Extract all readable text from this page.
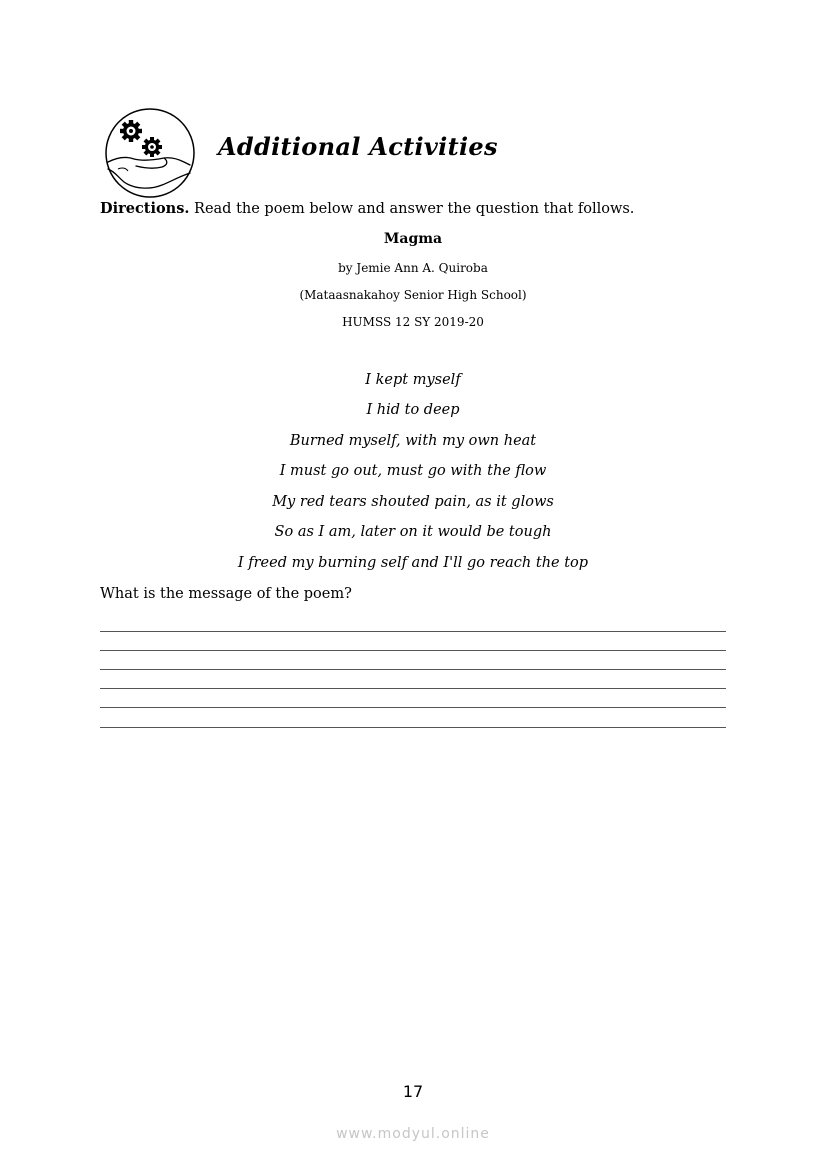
Additional Activities

Directions. Read the poem below and answer the question that follows.

Magma

by Jemie Ann A. Quiroba

(Mataasnakahoy Senior High School)

HUMSS 12 SY 2019-20

I kept myself

I hid to deep

Burned myself, with my own heat

I must go out, must go with the flow

My red tears shouted pain, as it glows

So as I am, later on it would be tough

I freed my burning self and I'll go reach the top

What is the message of the poem?

17

www.modyul.online
